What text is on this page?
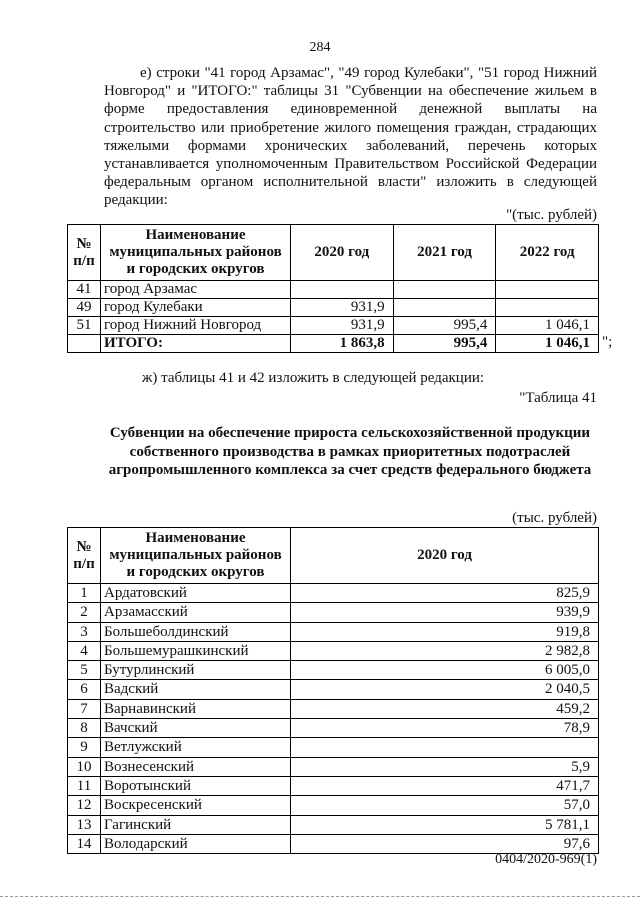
284
е) строки "41 город Арзамас", "49 город Кулебаки", "51 город Нижний Новгород" и "ИТОГО:" таблицы 31 "Субвенции на обеспечение жильем в форме предоставления единовременной денежной выплаты на строительство или приобретение жилого помещения граждан, страдающих тяжелыми формами хронических заболеваний, перечень которых устанавливается уполномоченным Правительством Российской Федерации федеральным органом исполнительной власти" изложить в следующей редакции:
"(тыс. рублей)
№ п/п	Наименование муниципальных районов и городских округов	2020 год	2021 год	2022 год
41	город Арзамас			
49	город Кулебаки	931,9		
51	город Нижний Новгород	931,9	995,4	1 046,1
	ИТОГО:	1 863,8	995,4	1 046,1 ";
ж) таблицы 41 и 42 изложить в следующей редакции:
"Таблица 41
Субвенции на обеспечение прироста сельскохозяйственной продукции собственного производства в рамках приоритетных подотраслей агропромышленного комплекса за счет средств федерального бюджета
(тыс. рублей)
№ п/п	Наименование муниципальных районов и городских округов	2020 год
1	Ардатовский	825,9
2	Арзамасский	939,9
3	Большеболдинский	919,8
4	Большемурашкинский	2 982,8
5	Бутурлинский	6 005,0
6	Вадский	2 040,5
7	Варнавинский	459,2
8	Вачский	78,9
9	Ветлужский	
10	Вознесенский	5,9
11	Воротынский	471,7
12	Воскресенский	57,0
13	Гагинский	5 781,1
14	Володарский	97,6
0404/2020-969(1)
